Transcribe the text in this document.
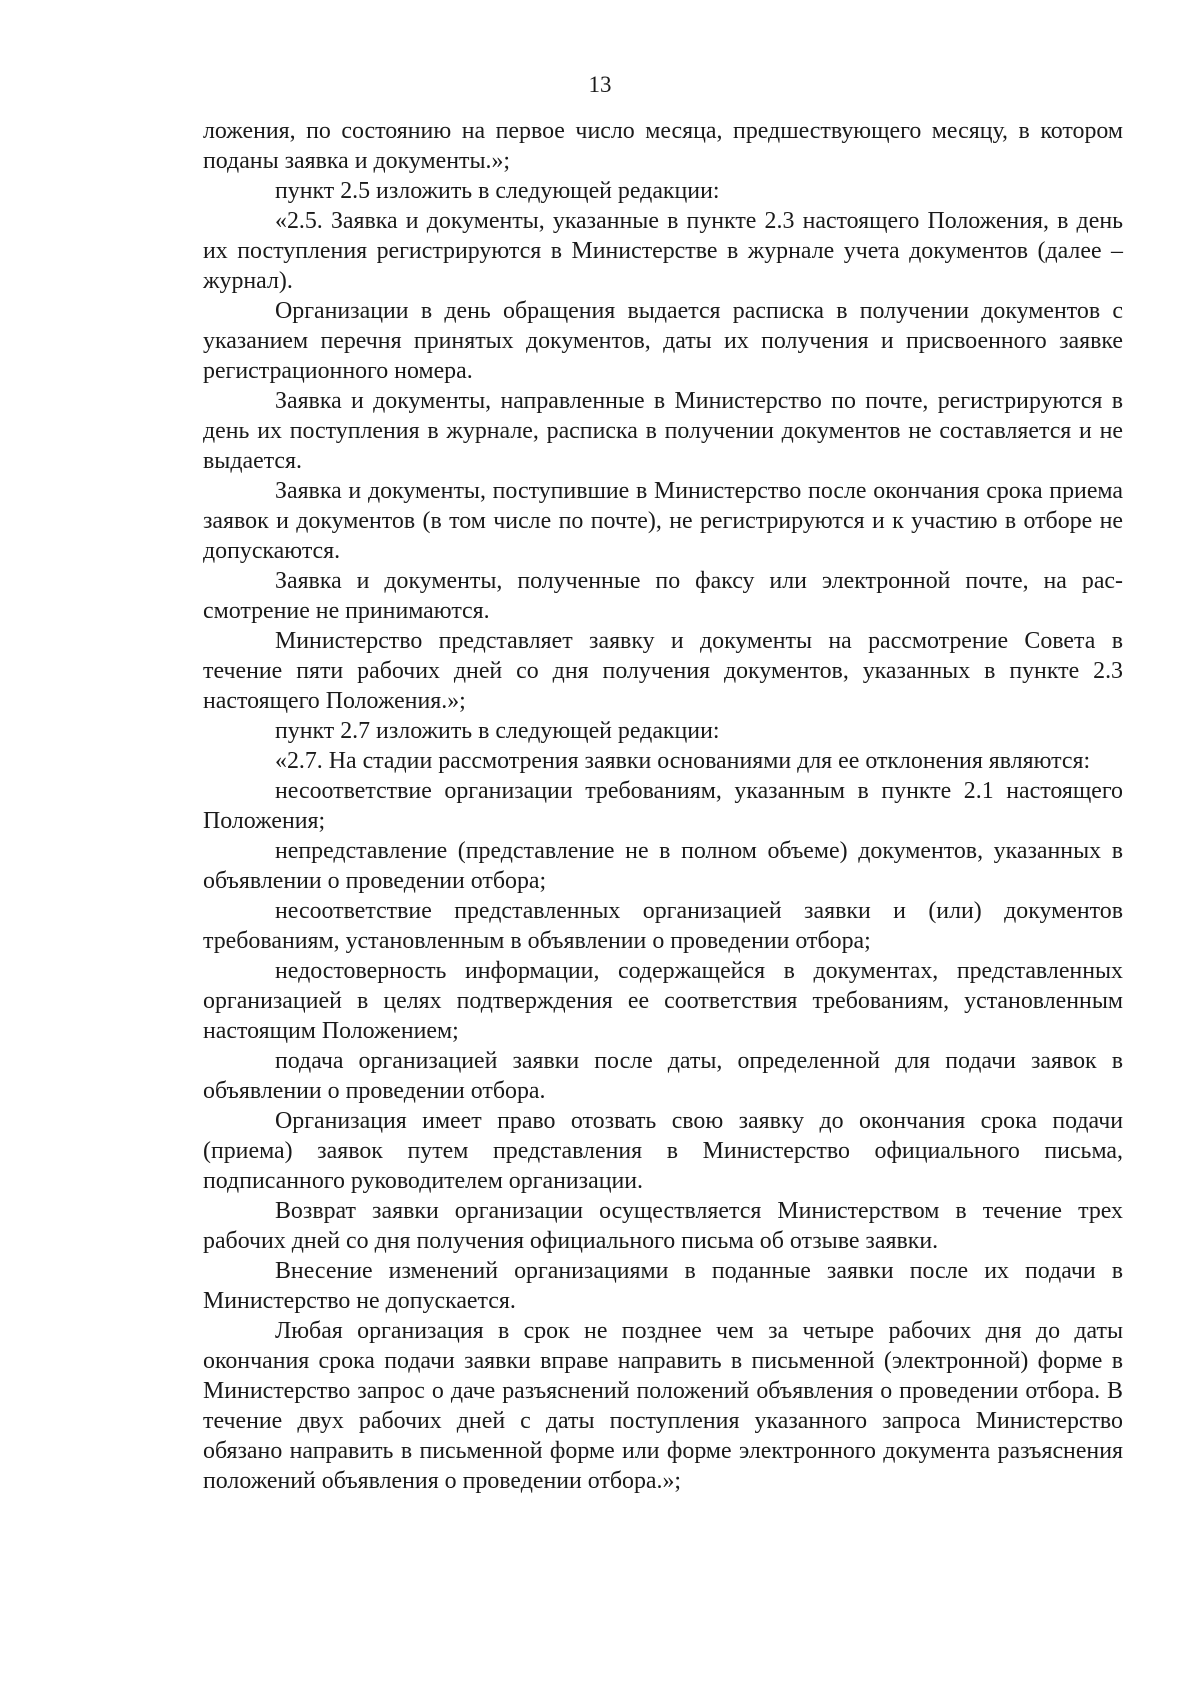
13

ложения, по состоянию на первое число месяца, предшествующего месяцу, в котором поданы заявка и документы.»;

пункт 2.5 изложить в следующей редакции:

«2.5. Заявка и документы, указанные в пункте 2.3 настоящего Положения, в день их поступления регистрируются в Министерстве в журнале учета документов (далее – журнал).

Организации в день обращения выдается расписка в получении документов с указанием перечня принятых документов, даты их получения и присвоенного заявке регистрационного номера.

Заявка и документы, направленные в Министерство по почте, регистрируются в день их поступления в журнале, расписка в получении документов не составляется и не выдается.

Заявка и документы, поступившие в Министерство после окончания срока приема заявок и документов (в том числе по почте), не регистрируются и к участию в отборе не допускаются.

Заявка и документы, полученные по факсу или электронной почте, на рассмотрение не принимаются.

Министерство представляет заявку и документы на рассмотрение Совета в течение пяти рабочих дней со дня получения документов, указанных в пункте 2.3 настоящего Положения.»;

пункт 2.7 изложить в следующей редакции:

«2.7. На стадии рассмотрения заявки основаниями для ее отклонения являются:

несоответствие организации требованиям, указанным в пункте 2.1 настоящего Положения;

непредставление (представление не в полном объеме) документов, указанных в объявлении о проведении отбора;

несоответствие представленных организацией заявки и (или) документов требованиям, установленным в объявлении о проведении отбора;

недостоверность информации, содержащейся в документах, представленных организацией в целях подтверждения ее соответствия требованиям, установленным настоящим Положением;

подача организацией заявки после даты, определенной для подачи заявок в объявлении о проведении отбора.

Организация имеет право отозвать свою заявку до окончания срока подачи (приема) заявок путем представления в Министерство официального письма, подписанного руководителем организации.

Возврат заявки организации осуществляется Министерством в течение трех рабочих дней со дня получения официального письма об отзыве заявки.

Внесение изменений организациями в поданные заявки после их подачи в Министерство не допускается.

Любая организация в срок не позднее чем за четыре рабочих дня до даты окончания срока подачи заявки вправе направить в письменной (электронной) форме в Министерство запрос о даче разъяснений положений объявления о проведении отбора. В течение двух рабочих дней с даты поступления указанного запроса Министерство обязано направить в письменной форме или форме электронного документа разъяснения положений объявления о проведении отбора.»;
